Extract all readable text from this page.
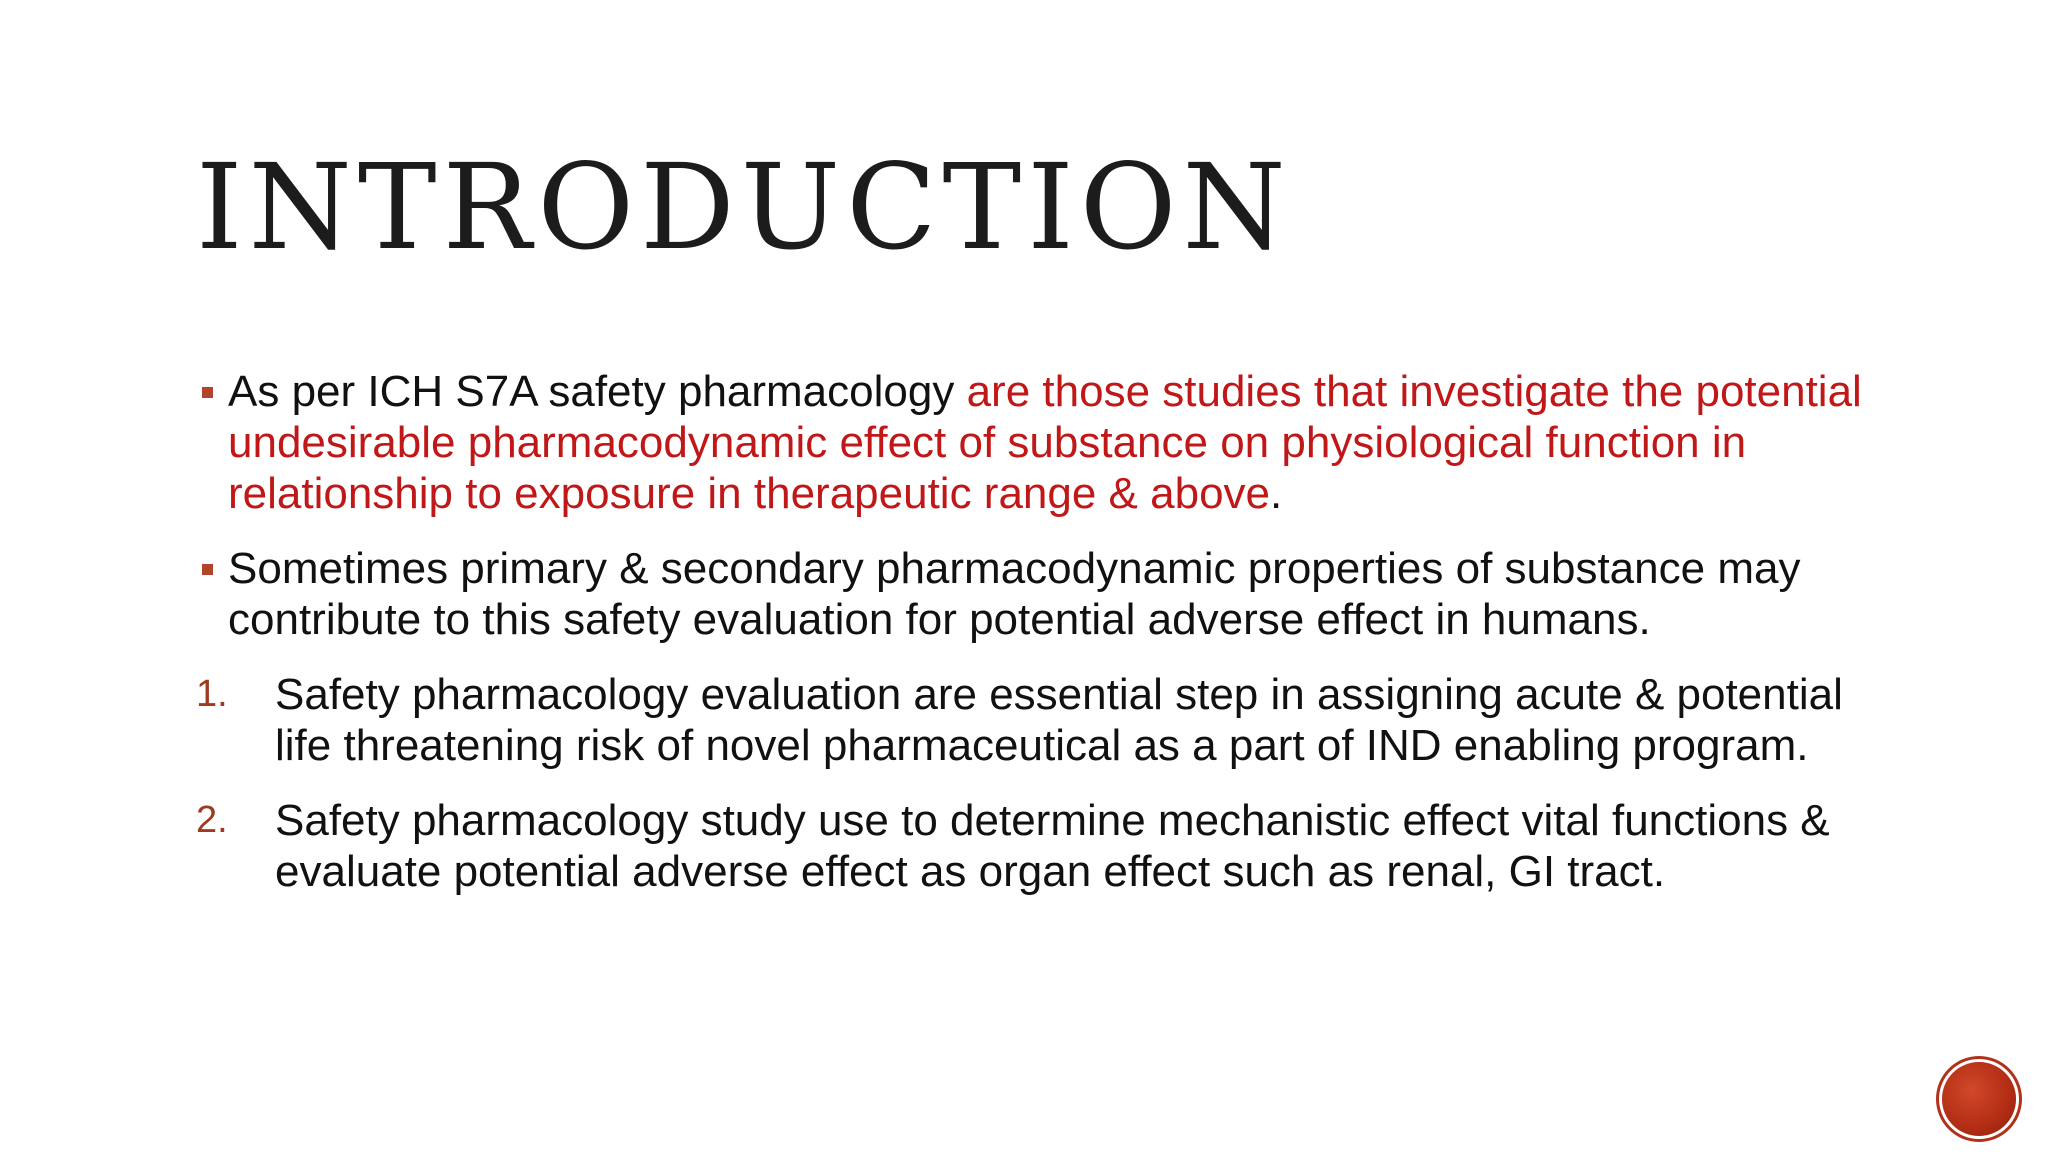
INTRODUCTION
As per ICH S7A safety pharmacology are those studies that investigate the potential undesirable pharmacodynamic effect of substance on physiological function in relationship to exposure in therapeutic range & above.
Sometimes primary & secondary pharmacodynamic properties of substance may contribute to this safety evaluation for potential adverse effect in humans.
1. Safety pharmacology evaluation are essential step in assigning acute & potential life threatening risk of novel pharmaceutical as a part of IND enabling program.
2. Safety pharmacology study use to determine mechanistic effect vital functions & evaluate potential adverse effect as organ effect such as renal, GI tract.
